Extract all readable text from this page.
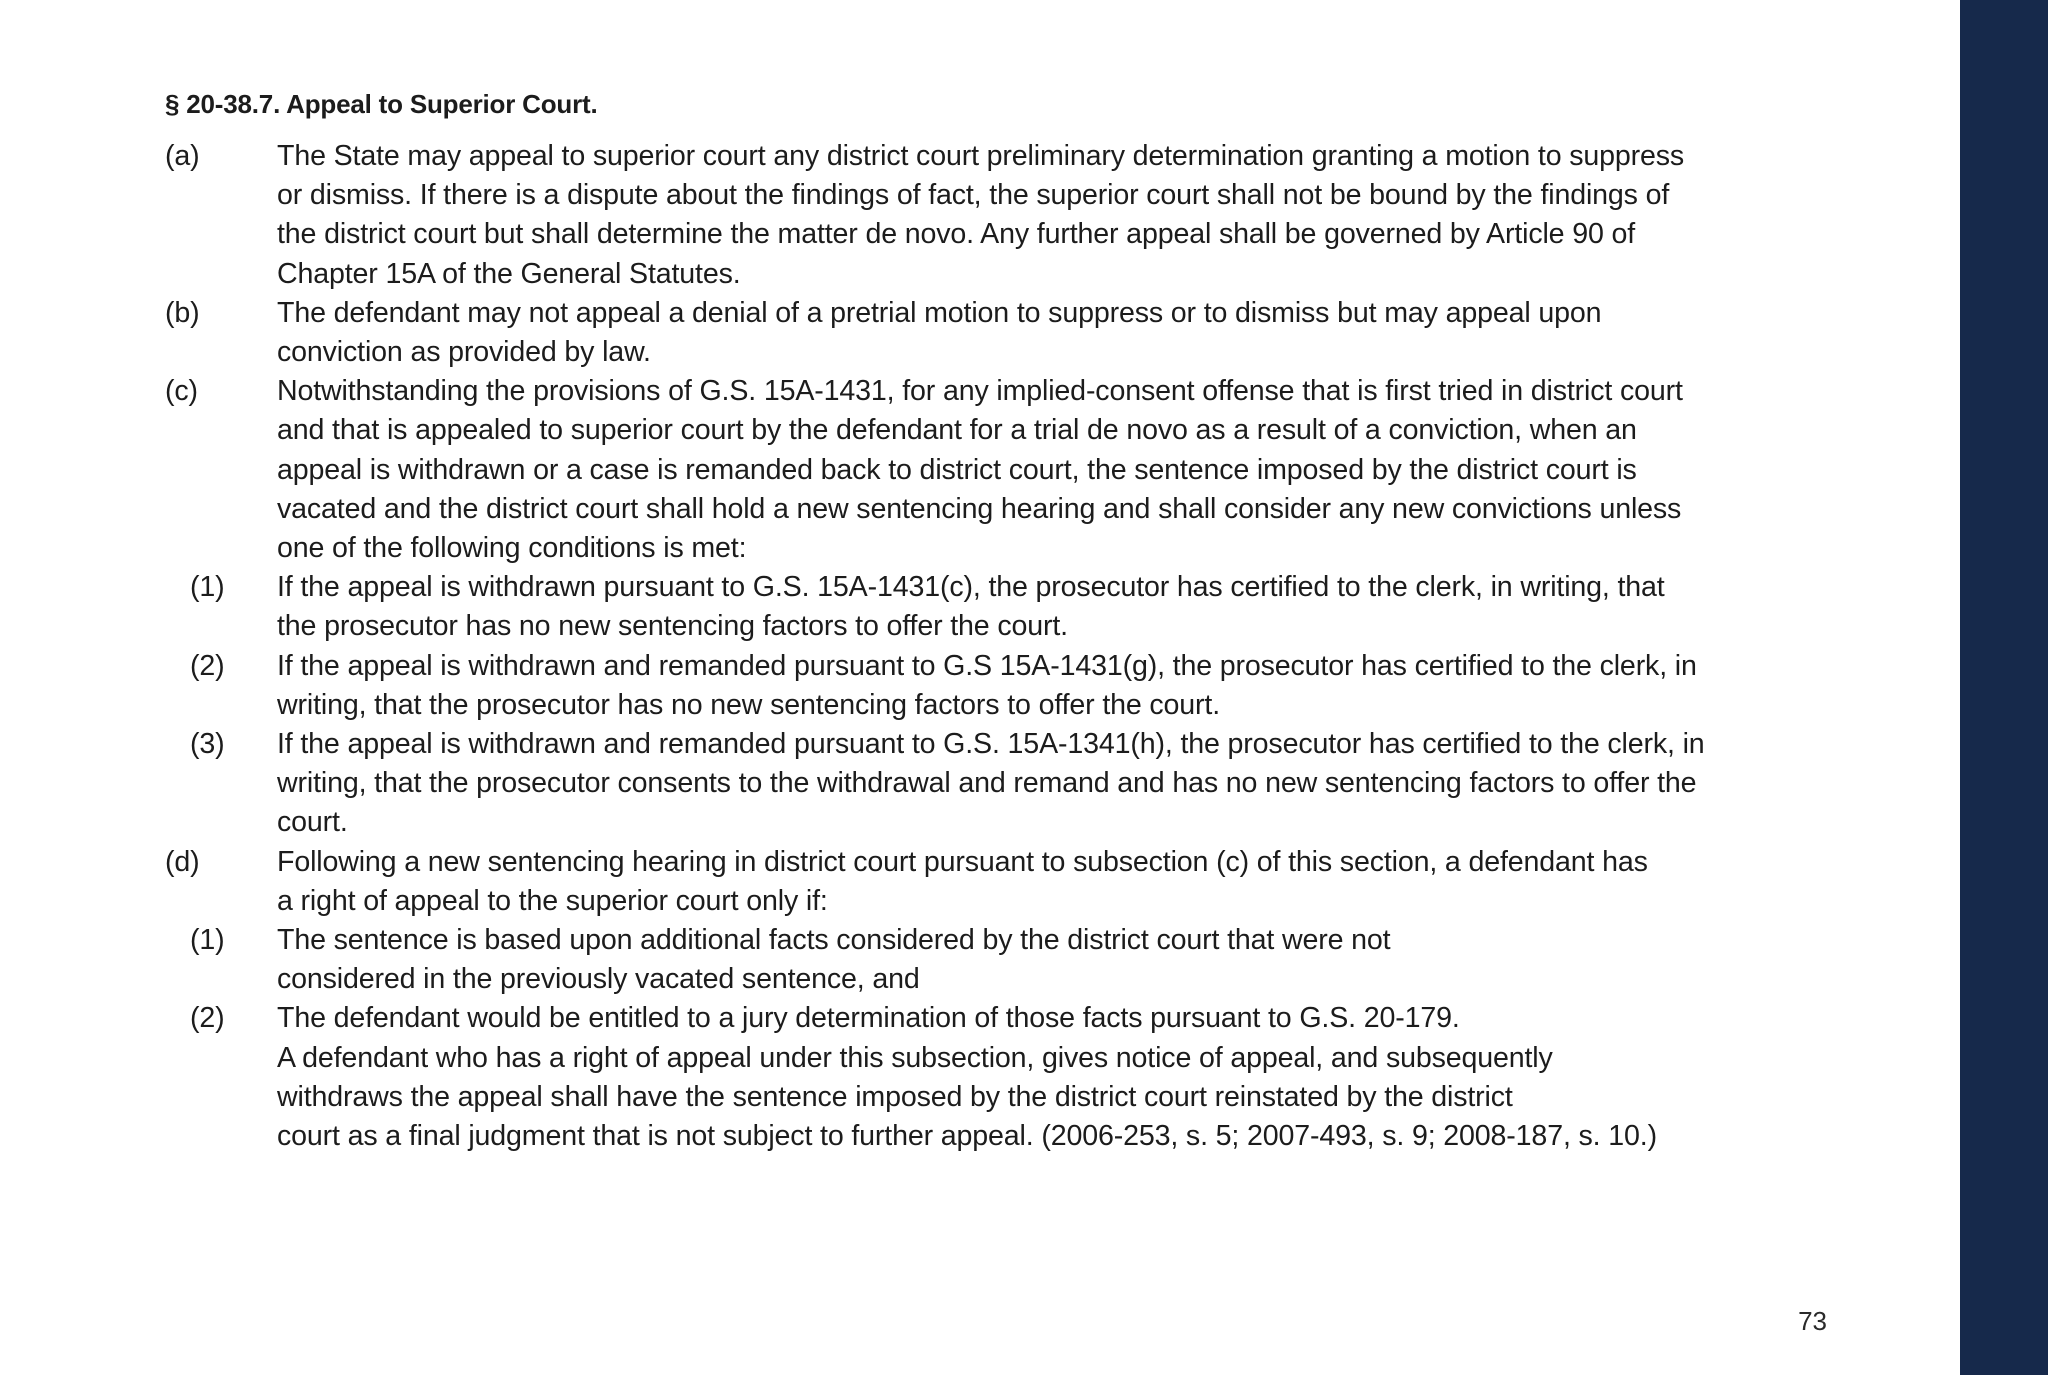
§ 20-38.7. Appeal to Superior Court.
(a)	The State may appeal to superior court any district court preliminary determination granting a motion to suppress
or dismiss. If there is a dispute about the findings of fact, the superior court shall not be bound by the findings of
the district court but shall determine the matter de novo. Any further appeal shall be governed by Article 90 of
Chapter 15A of the General Statutes.
(b)	The defendant may not appeal a denial of a pretrial motion to suppress or to dismiss but may appeal upon
conviction as provided by law.
(c)	Notwithstanding the provisions of G.S. 15A-1431, for any implied-consent offense that is first tried in district court
and that is appealed to superior court by the defendant for a trial de novo as a result of a conviction, when an
appeal is withdrawn or a case is remanded back to district court, the sentence imposed by the district court is
vacated and the district court shall hold a new sentencing hearing and shall consider any new convictions unless
one of the following conditions is met:
(1)	If the appeal is withdrawn pursuant to G.S. 15A-1431(c), the prosecutor has certified to the clerk, in writing, that
the prosecutor has no new sentencing factors to offer the court.
(2)	If the appeal is withdrawn and remanded pursuant to G.S 15A-1431(g), the prosecutor has certified to the clerk, in
writing, that the prosecutor has no new sentencing factors to offer the court.
(3)	If the appeal is withdrawn and remanded pursuant to G.S. 15A-1341(h), the prosecutor has certified to the clerk, in
writing, that the prosecutor consents to the withdrawal and remand and has no new sentencing factors to offer the
court.
(d)	Following a new sentencing hearing in district court pursuant to subsection (c) of this section, a defendant has
a right of appeal to the superior court only if:
(1)	The sentence is based upon additional facts considered by the district court that were not
considered in the previously vacated sentence, and
(2)	The defendant would be entitled to a jury determination of those facts pursuant to G.S. 20-179.
A defendant who has a right of appeal under this subsection, gives notice of appeal, and subsequently
withdraws the appeal shall have the sentence imposed by the district court reinstated by the district
court as a final judgment that is not subject to further appeal. (2006-253, s. 5; 2007-493, s. 9; 2008-187, s. 10.)
73
